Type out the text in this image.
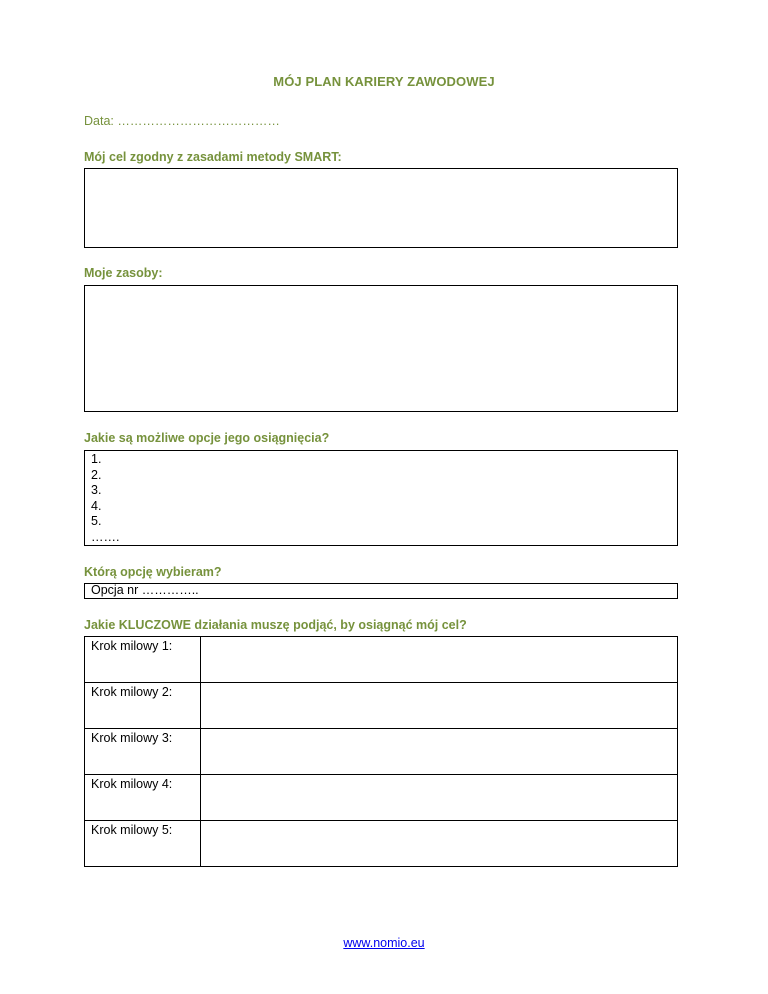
MÓJ PLAN KARIERY ZAWODOWEJ
Data: …………………………………
Mój cel zgodny z zasadami metody SMART:
Moje zasoby:
Jakie są możliwe opcje jego osiągnięcia?
1.
2.
3.
4.
5.
…….
Którą opcję wybieram?
Opcja nr …………..
Jakie KLUCZOWE działania muszę podjąć, by osiągnąć mój cel?
Krok milowy 1:	
Krok milowy 2:	
Krok milowy 3:	
Krok milowy 4:	
Krok milowy 5:	
www.nomio.eu
